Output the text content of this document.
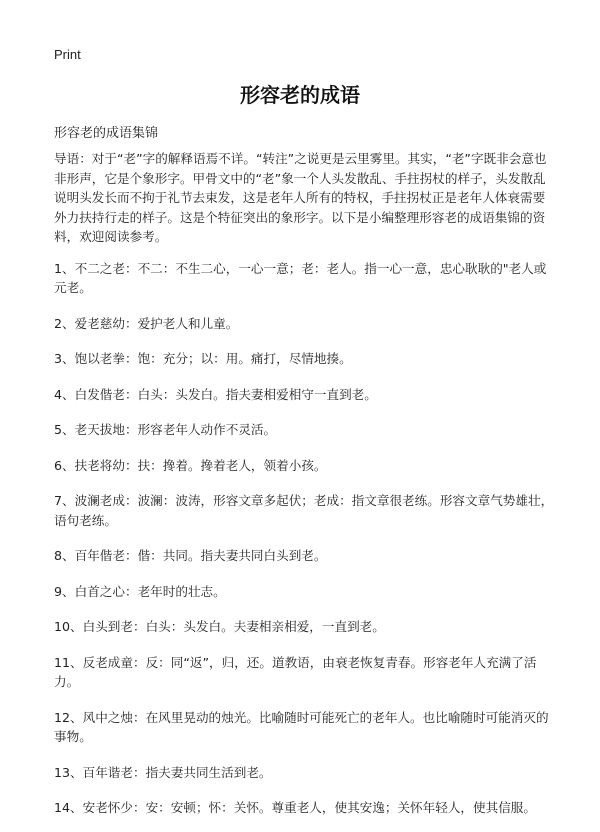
Print
形容老的成语
形容老的成语集锦

导语：对于“老”字的解释语焉不详。“转注”之说更是云里雾里。其实，“老”字既非会意也非形声，它是个象形字。甲骨文中的“老”象一个人头发散乱、手拄拐杖的样子，头发散乱说明头发长而不拘于礼节去束发，这是老年人所有的特权，手拄拐杖正是老年人体衰需要外力扶持行走的样子。这是个特征突出的象形字。以下是小编整理形容老的成语集锦的资料，欢迎阅读参考。

1、不二之老：不二：不生二心，一心一意；老：老人。指一心一意，忠心耿耿的"老人或元老。

2、爱老慈幼：爱护老人和儿童。

3、饱以老拳：饱：充分；以：用。痛打，尽情地揍。

4、白发偕老：白头：头发白。指夫妻相爱相守一直到老。

5、老天拔地：形容老年人动作不灵活。

6、扶老将幼：扶：搀着。搀着老人，领着小孩。

7、波澜老成：波澜：波涛，形容文章多起伏；老成：指文章很老练。形容文章气势雄壮，语句老练。

8、百年偕老：偕：共同。指夫妻共同白头到老。

9、白首之心：老年时的壮志。

10、白头到老：白头：头发白。夫妻相亲相爱，一直到老。

11、反老成童：反：同“返”，归，还。道教语，由衰老恢复青春。形容老年人充满了活力。

12、风中之烛：在风里晃动的烛光。比喻随时可能死亡的老年人。也比喻随时可能消灭的事物。

13、百年谐老：指夫妻共同生活到老。

14、安老怀少：安：安顿；怀：关怀。尊重老人，使其安逸；关怀年轻人，使其信服。
